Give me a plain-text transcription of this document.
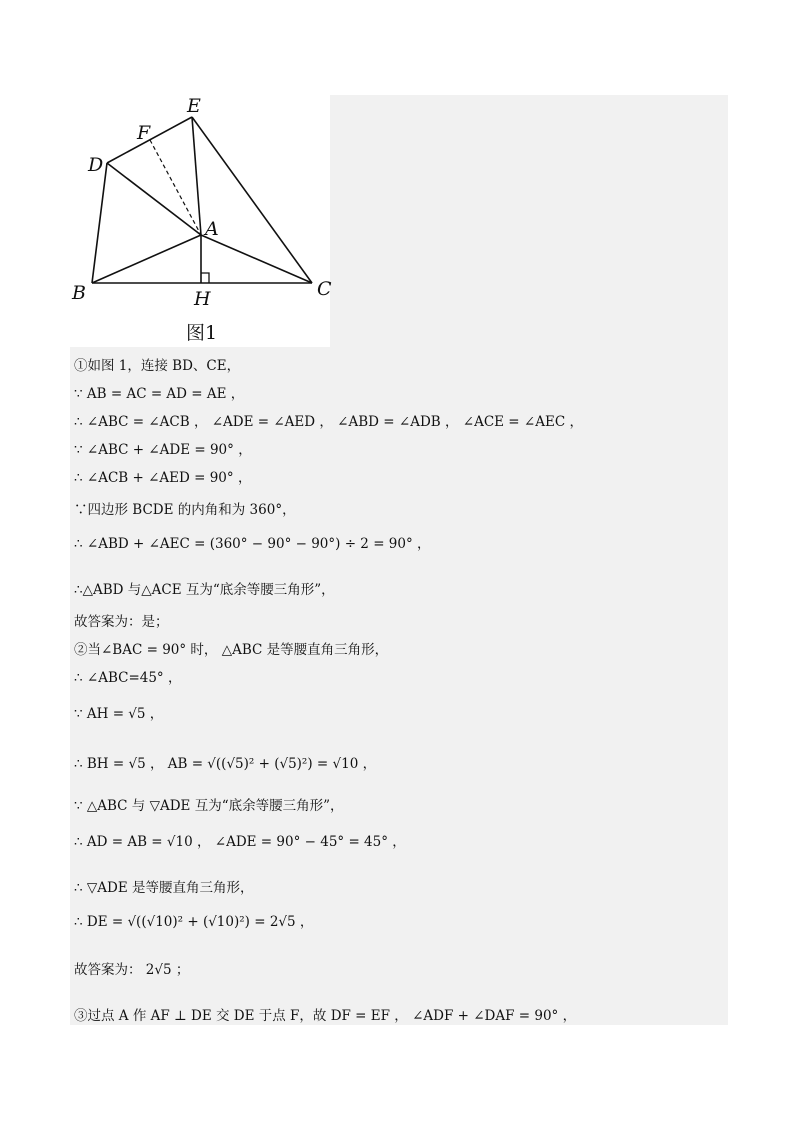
E
F
D
A
B	H	C
图1
①如图 1，连接 BD、CE，
∵ AB = AC = AD = AE ，
∴ ∠ABC = ∠ACB ， ∠ADE = ∠AED ， ∠ABD = ∠ADB ， ∠ACE = ∠AEC ，
∵ ∠ABC + ∠ADE = 90° ，
∴ ∠ACB + ∠AED = 90° ，
∵四边形 BCDE 的内角和为 360°，
∴ ∠ABD + ∠AEC = (360° − 90° − 90°) ÷ 2 = 90° ，
∴△ABD 与△ACE 互为“底余等腰三角形”，
故答案为：是；
②当∠BAC = 90° 时， △ABC 是等腰直角三角形，
∴ ∠ABC=45° ，
∵ AH = √5 ，
∴ BH = √5 ， AB = √((√5)² + (√5)²) = √10 ，
∵ △ABC 与 ▽ADE 互为“底余等腰三角形”，
∴ AD = AB = √10 ， ∠ADE = 90° − 45° = 45° ，
∴ ▽ADE 是等腰直角三角形，
∴ DE = √((√10)² + (√10)²) = 2√5 ，
故答案为： 2√5 ；
③过点 A 作 AF ⊥ DE 交 DE 于点 F，故 DF = EF ， ∠ADF + ∠DAF = 90° ，
